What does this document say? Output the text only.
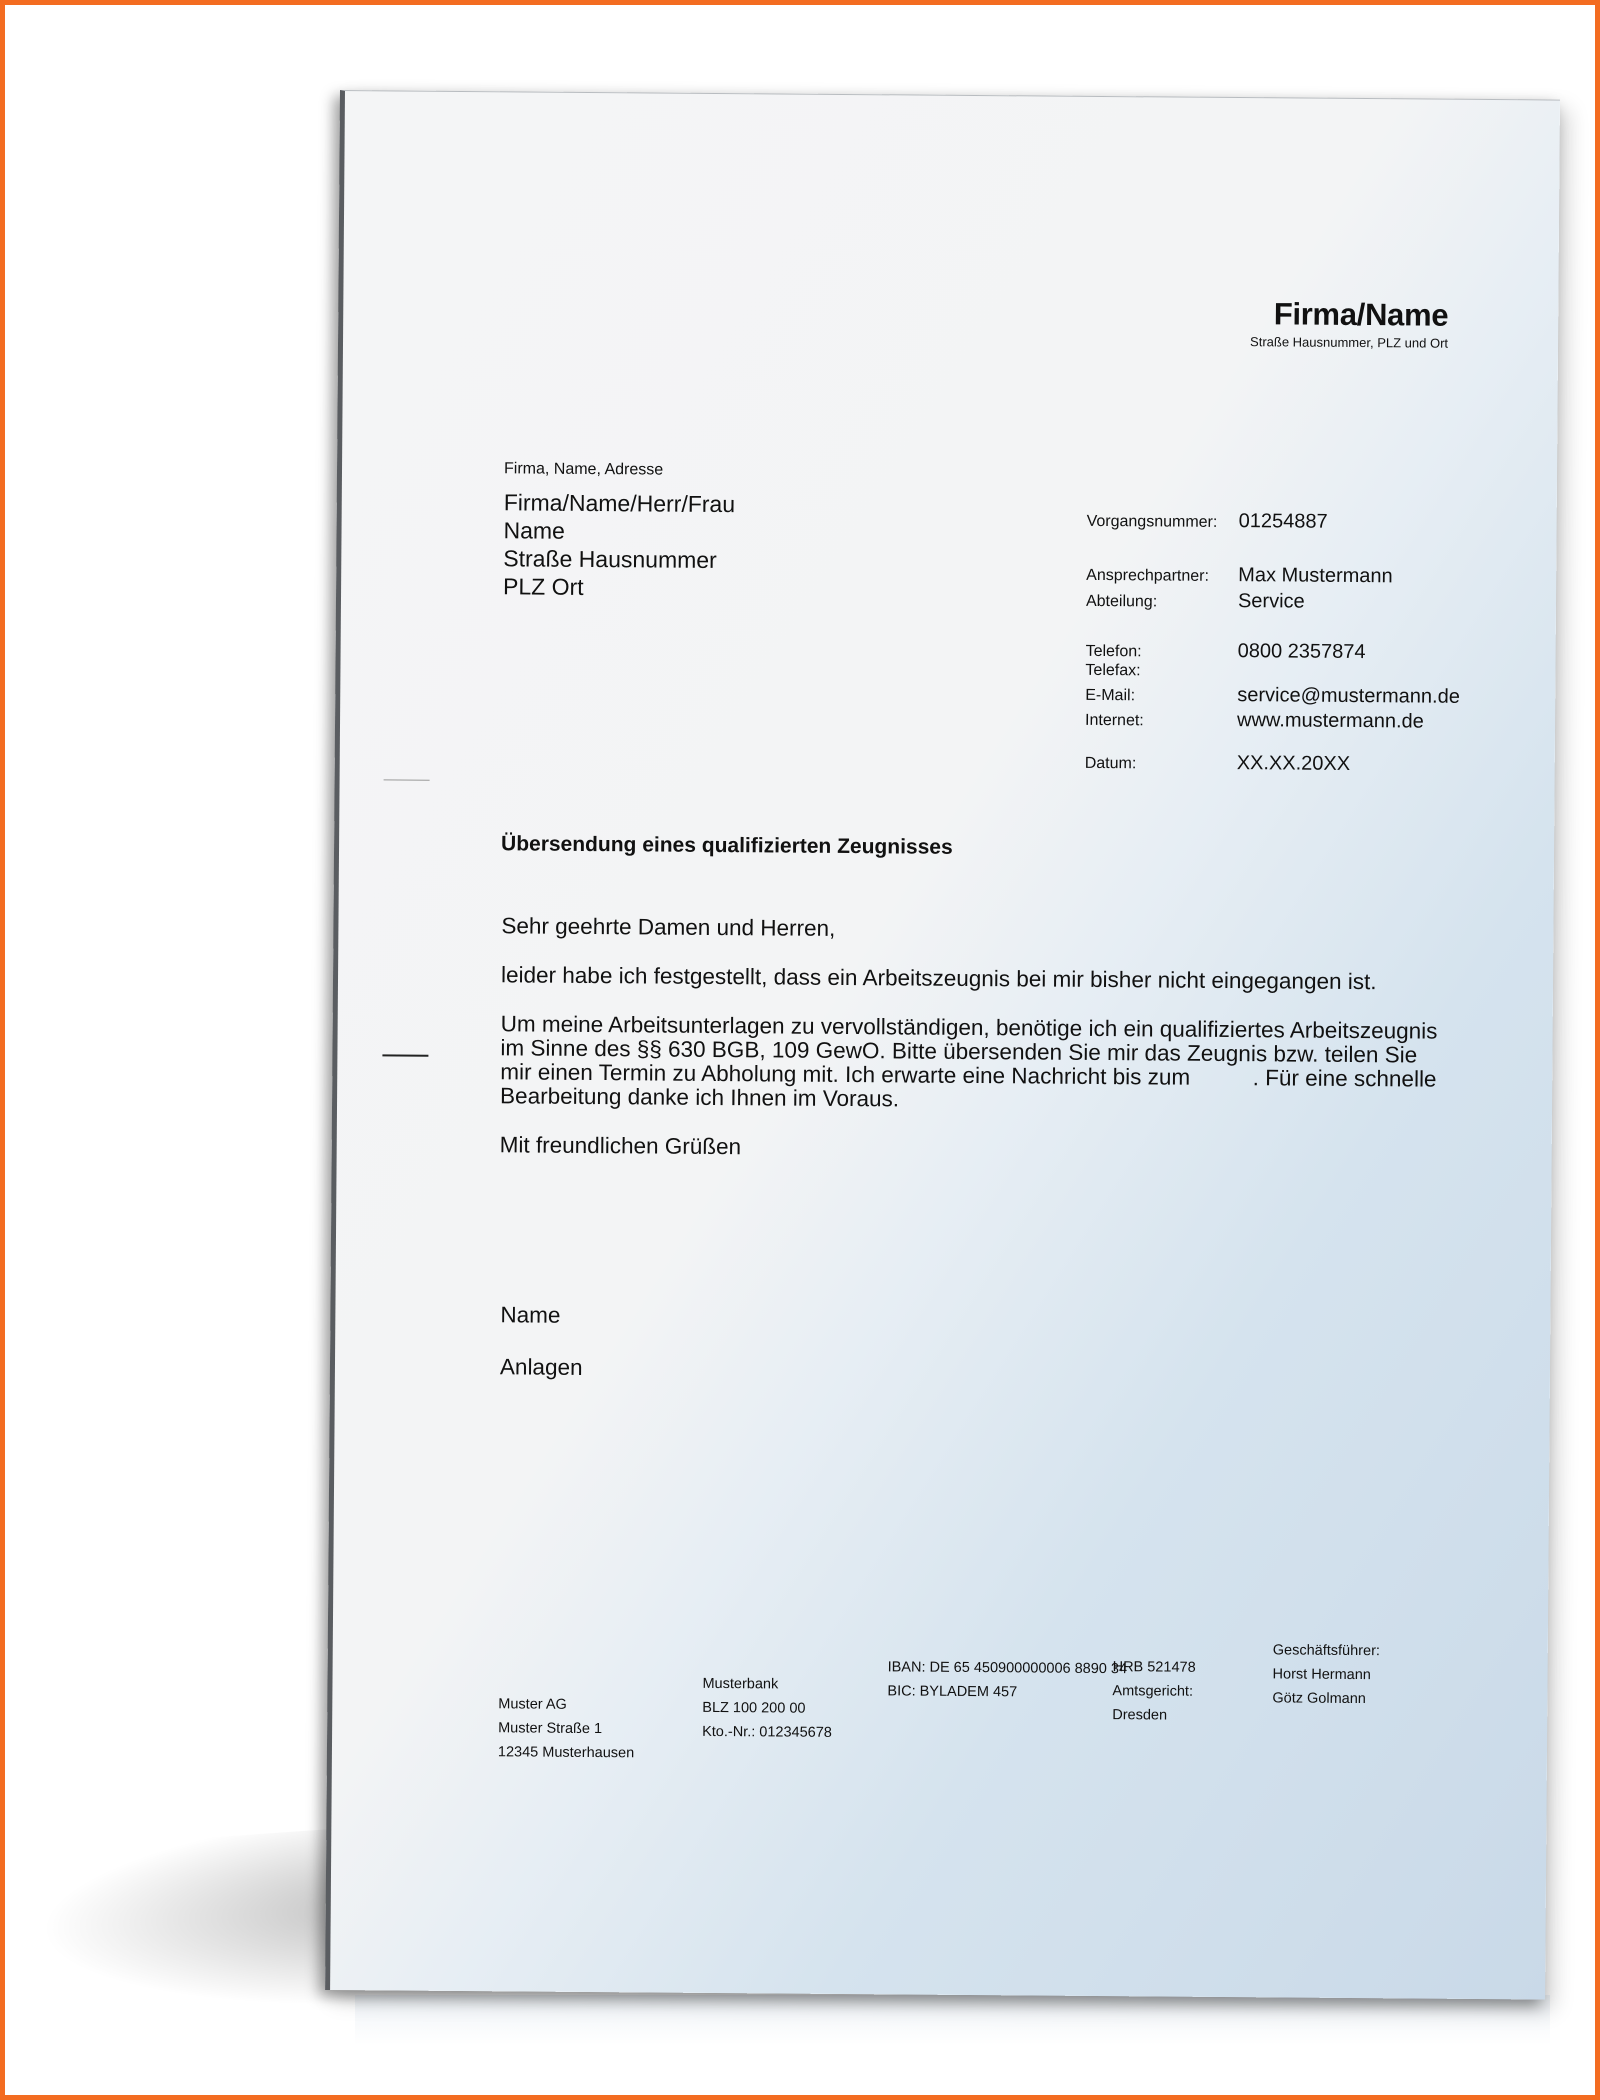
Firma/Name
Straße Hausnummer, PLZ und Ort
Firma, Name, Adresse
Firma/Name/Herr/Frau
Name
Straße Hausnummer
PLZ Ort
Vorgangsnummer: 01254887
Ansprechpartner: Max Mustermann
Abteilung:	Service
Telefon:	0800 2357874
Telefax:
E-Mail:	service@mustermann.de
Internet:	www.mustermann.de
Datum:	XX.XX.20XX
Übersendung eines qualifizierten Zeugnisses

Sehr geehrte Damen und Herren,

leider habe ich festgestellt, dass ein Arbeitszeugnis bei mir bisher nicht eingegangen ist.

Um meine Arbeitsunterlagen zu vervollständigen, benötige ich ein qualifiziertes Arbeitszeugnis

im Sinne des §§ 630 BGB, 109 GewO. Bitte übersenden Sie mir das Zeugnis bzw. teilen Sie

mir einen Termin zu Abholung mit. Ich erwarte eine Nachricht bis zum          . Für eine schnelle

Bearbeitung danke ich Ihnen im Voraus.

Mit freundlichen Grüßen

Name
Anlagen
Muster AG
Muster Straße 1
12345 Musterhausen
Musterbank
BLZ 100 200 00
Kto.-Nr.: 012345678
IBAN: DE 65 450900000006 8890 34
BIC: BYLADEM 457
HRB 521478
Amtsgericht:
Dresden
Geschäftsführer:
Horst Hermann
Götz Golmann
